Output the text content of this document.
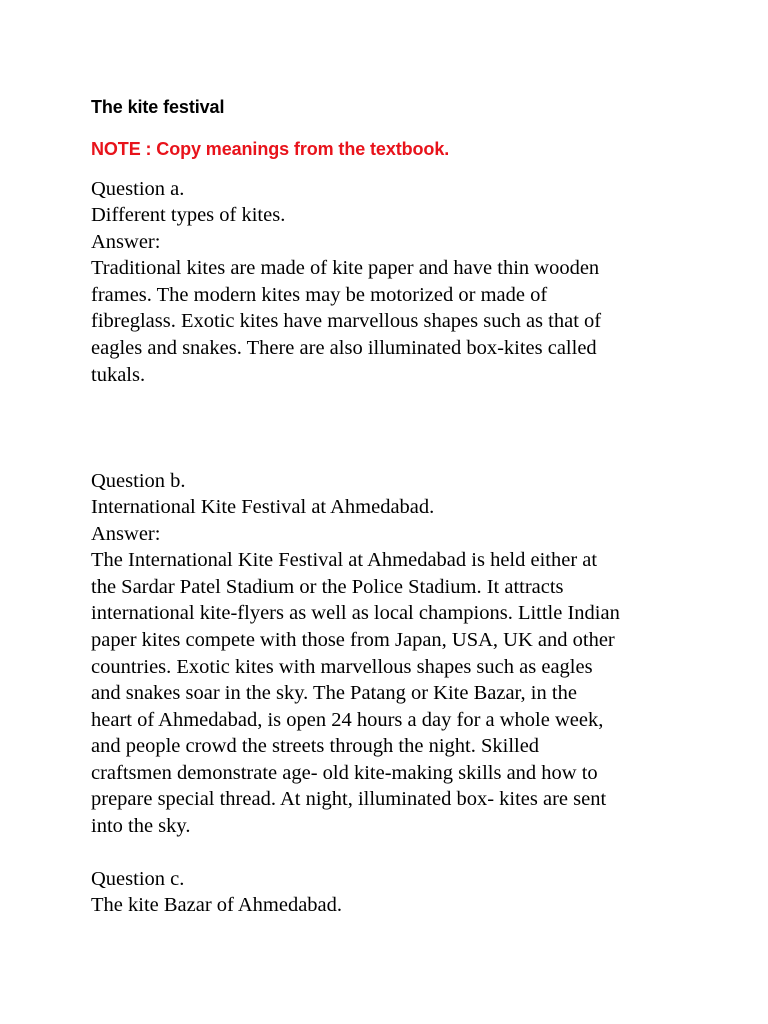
The kite festival
NOTE : Copy meanings from the textbook.
Question a.
Different types of kites.
Answer:
Traditional kites are made of kite paper and have thin wooden
frames. The modern kites may be motorized or made of
fibreglass. Exotic kites have marvellous shapes such as that of
eagles and snakes. There are also illuminated box-kites called
tukals.
Question b.
International Kite Festival at Ahmedabad.
Answer:
The International Kite Festival at Ahmedabad is held either at
the Sardar Patel Stadium or the Police Stadium. It attracts
international kite-flyers as well as local champions. Little Indian
paper kites compete with those from Japan, USA, UK and other
countries. Exotic kites with marvellous shapes such as eagles
and snakes soar in the sky. The Patang or Kite Bazar, in the
heart of Ahmedabad, is open 24 hours a day for a whole week,
and people crowd the streets through the night. Skilled
craftsmen demonstrate age- old kite-making skills and how to
prepare special thread. At night, illuminated box- kites are sent
into the sky.
Question c.
The kite Bazar of Ahmedabad.
